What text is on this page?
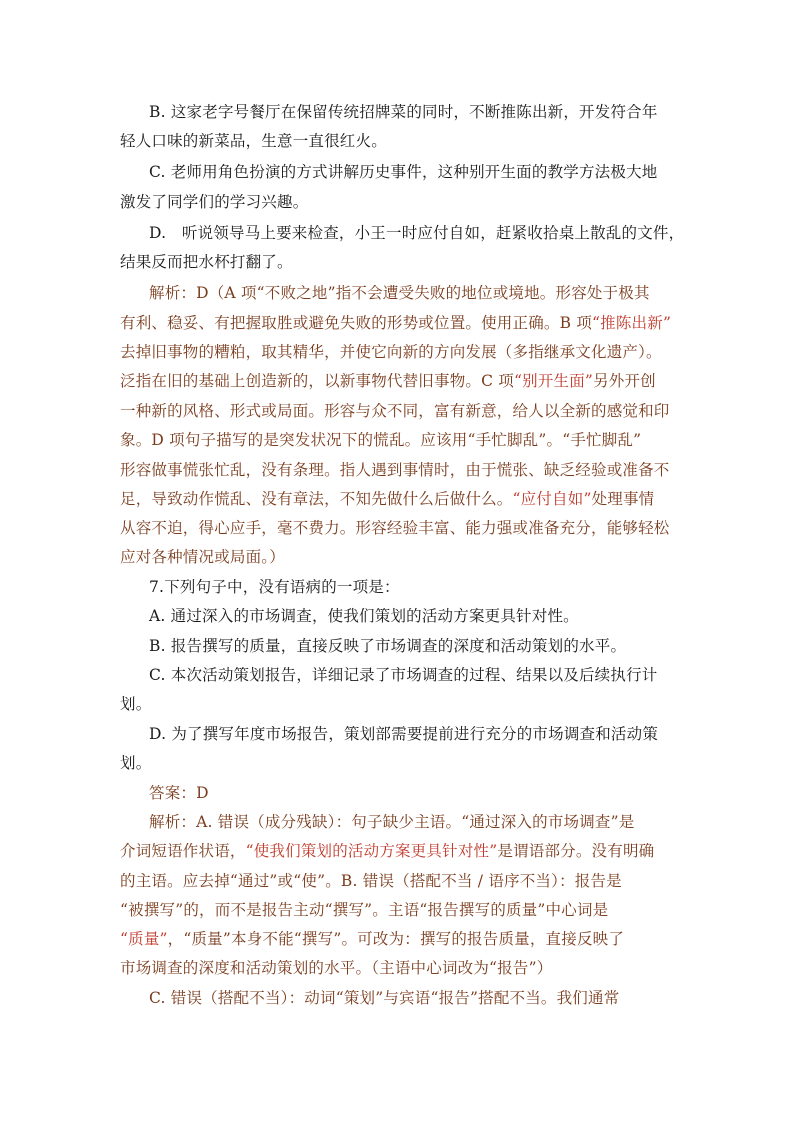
B. 这家老字号餐厅在保留传统招牌菜的同时，不断推陈出新，开发符合年
轻人口味的新菜品，生意一直很红火。
C. 老师用角色扮演的方式讲解历史事件，这种别开生面的教学方法极大地
激发了同学们的学习兴趣。
D.　听说领导马上要来检查，小王一时应付自如，赶紧收拾桌上散乱的文件，
结果反而把水杯打翻了。
解析：D（A 项“不败之地”指不会遭受失败的地位或境地。形容处于极其
有利、稳妥、有把握取胜或避免失败的形势或位置。使用正确。B 项“推陈出新”
去掉旧事物的糟粕，取其精华，并使它向新的方向发展（多指继承文化遗产）。
泛指在旧的基础上创造新的，以新事物代替旧事物。C 项“别开生面”另外开创
一种新的风格、形式或局面。形容与众不同，富有新意，给人以全新的感觉和印
象。D 项句子描写的是突发状况下的慌乱。应该用“手忙脚乱”。“手忙脚乱”
形容做事慌张忙乱，没有条理。指人遇到事情时，由于慌张、缺乏经验或准备不
足，导致动作慌乱、没有章法，不知先做什么后做什么。“应付自如”处理事情
从容不迫，得心应手，毫不费力。形容经验丰富、能力强或准备充分，能够轻松
应对各种情况或局面。）
7.下列句子中，没有语病的一项是：
A. 通过深入的市场调查，使我们策划的活动方案更具针对性。
B. 报告撰写的质量，直接反映了市场调查的深度和活动策划的水平。
C. 本次活动策划报告，详细记录了市场调查的过程、结果以及后续执行计
划。
D. 为了撰写年度市场报告，策划部需要提前进行充分的市场调查和活动策
划。
答案：D
解析：A. 错误（成分残缺）：句子缺少主语。“通过深入的市场调查”是
介词短语作状语，“使我们策划的活动方案更具针对性”是谓语部分。没有明确
的主语。应去掉“通过”或“使”。B. 错误（搭配不当 / 语序不当）：报告是
“被撰写”的，而不是报告主动“撰写”。主语“报告撰写的质量”中心词是
“质量”，“质量”本身不能“撰写”。可改为：撰写的报告质量，直接反映了
市场调查的深度和活动策划的水平。（主语中心词改为“报告”）
C. 错误（搭配不当）：动词“策划”与宾语“报告”搭配不当。我们通常
